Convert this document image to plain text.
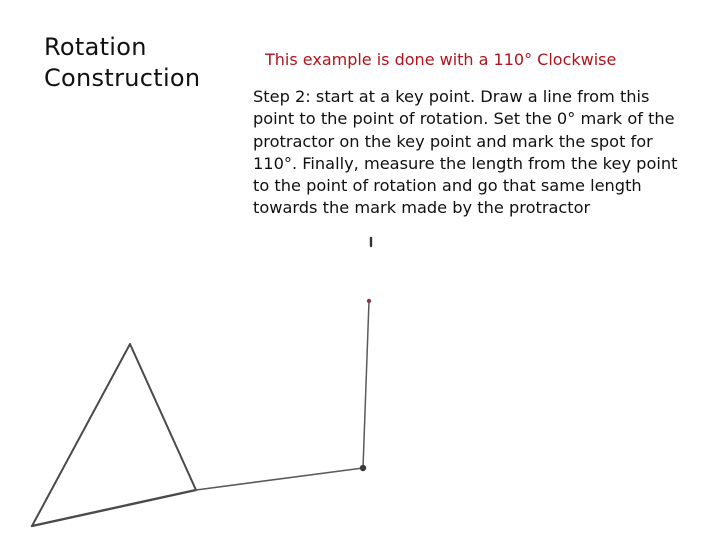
Rotation
Construction
This example is done with a 110° Clockwise
Step 2: start at a key point. Draw a line from this
point to the point of rotation. Set the 0° mark of the
protractor on the key point and mark the spot for
110°. Finally, measure the length from the key point
to the point of rotation and go that same length
towards the mark made by the protractor
